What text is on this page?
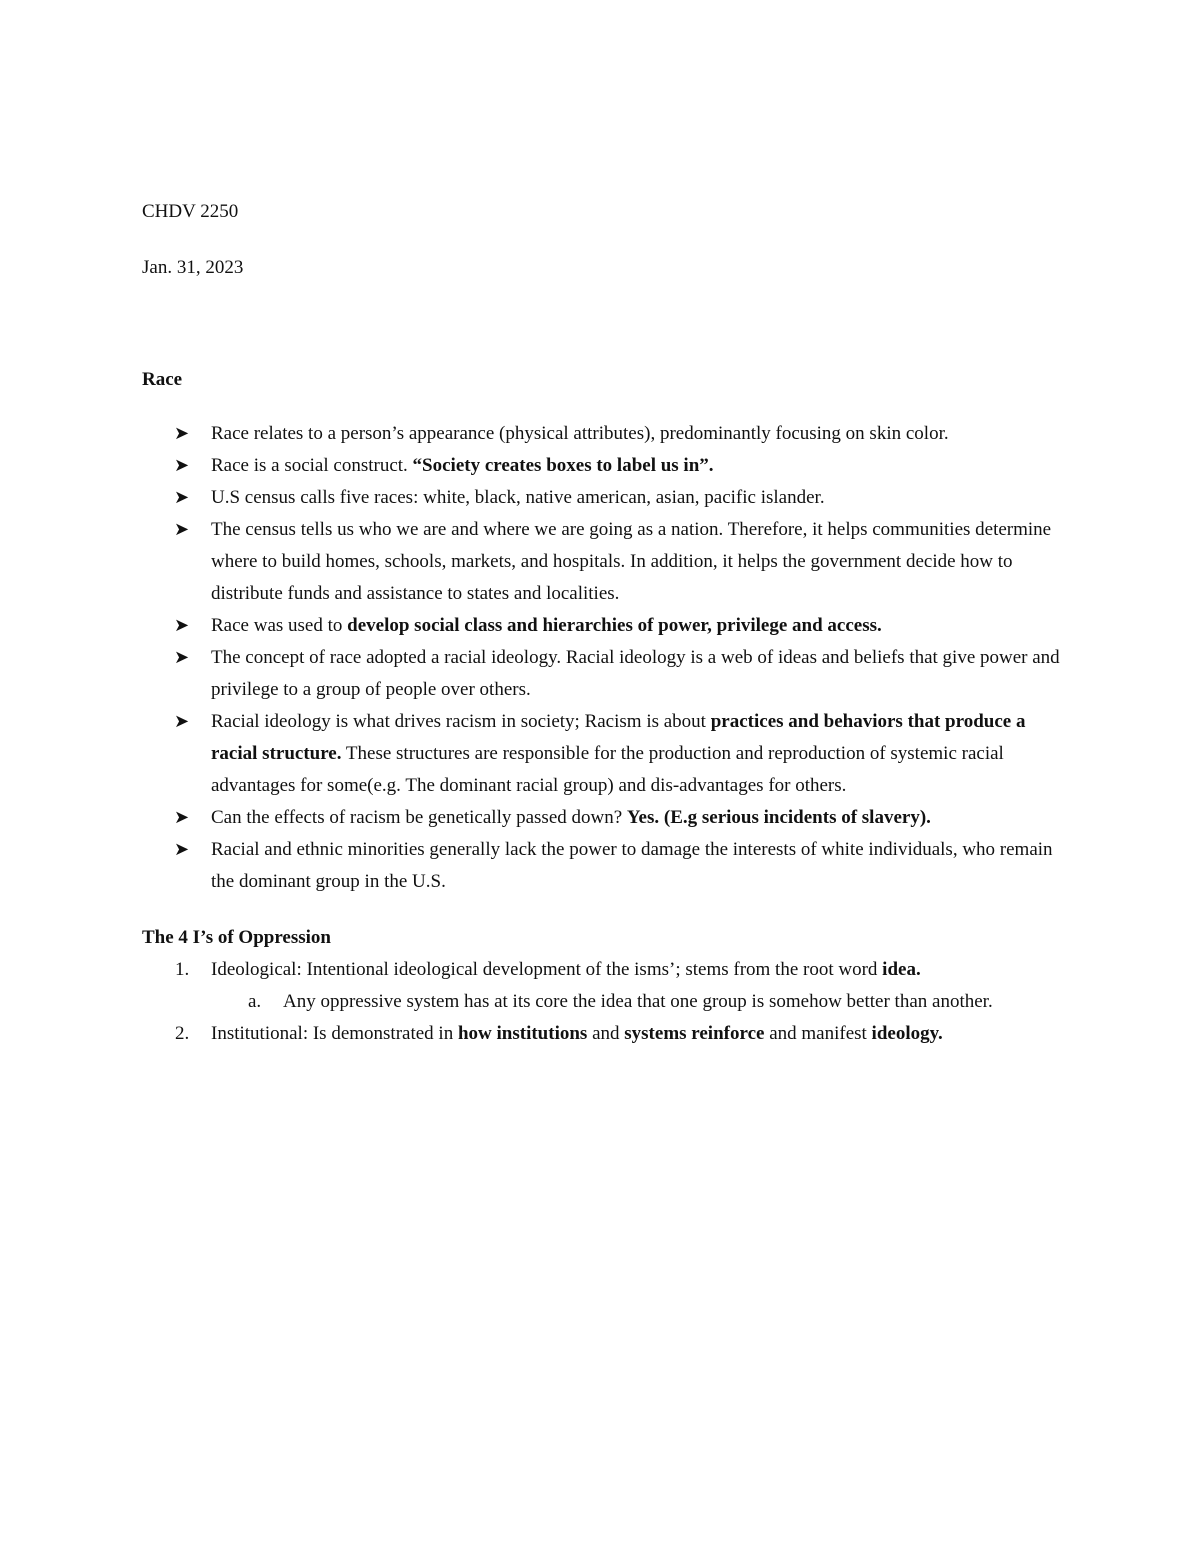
CHDV 2250

Jan. 31, 2023

Race

➤ Race relates to a person’s appearance (physical attributes), predominantly focusing on skin color.
➤ Race is a social construct. “Society creates boxes to label us in”.
➤ U.S census calls five races: white, black, native american, asian, pacific islander.
➤ The census tells us who we are and where we are going as a nation. Therefore, it helps communities determine where to build homes, schools, markets, and hospitals. In addition, it helps the government decide how to distribute funds and assistance to states and localities.
➤ Race was used to develop social class and hierarchies of power, privilege and access.
➤ The concept of race adopted a racial ideology. Racial ideology is a web of ideas and beliefs that give power and privilege to a group of people over others.
➤ Racial ideology is what drives racism in society; Racism is about practices and behaviors that produce a racial structure. These structures are responsible for the production and reproduction of systemic racial advantages for some(e.g. The dominant racial group) and dis-advantages for others.
➤ Can the effects of racism be genetically passed down? Yes. (E.g serious incidents of slavery).
➤ Racial and ethnic minorities generally lack the power to damage the interests of white individuals, who remain the dominant group in the U.S.

The 4 I’s of Oppression

1. Ideological: Intentional ideological development of the isms’; stems from the root word idea.
a. Any oppressive system has at its core the idea that one group is somehow better than another.
2. Institutional: Is demonstrated in how institutions and systems reinforce and manifest ideology.
